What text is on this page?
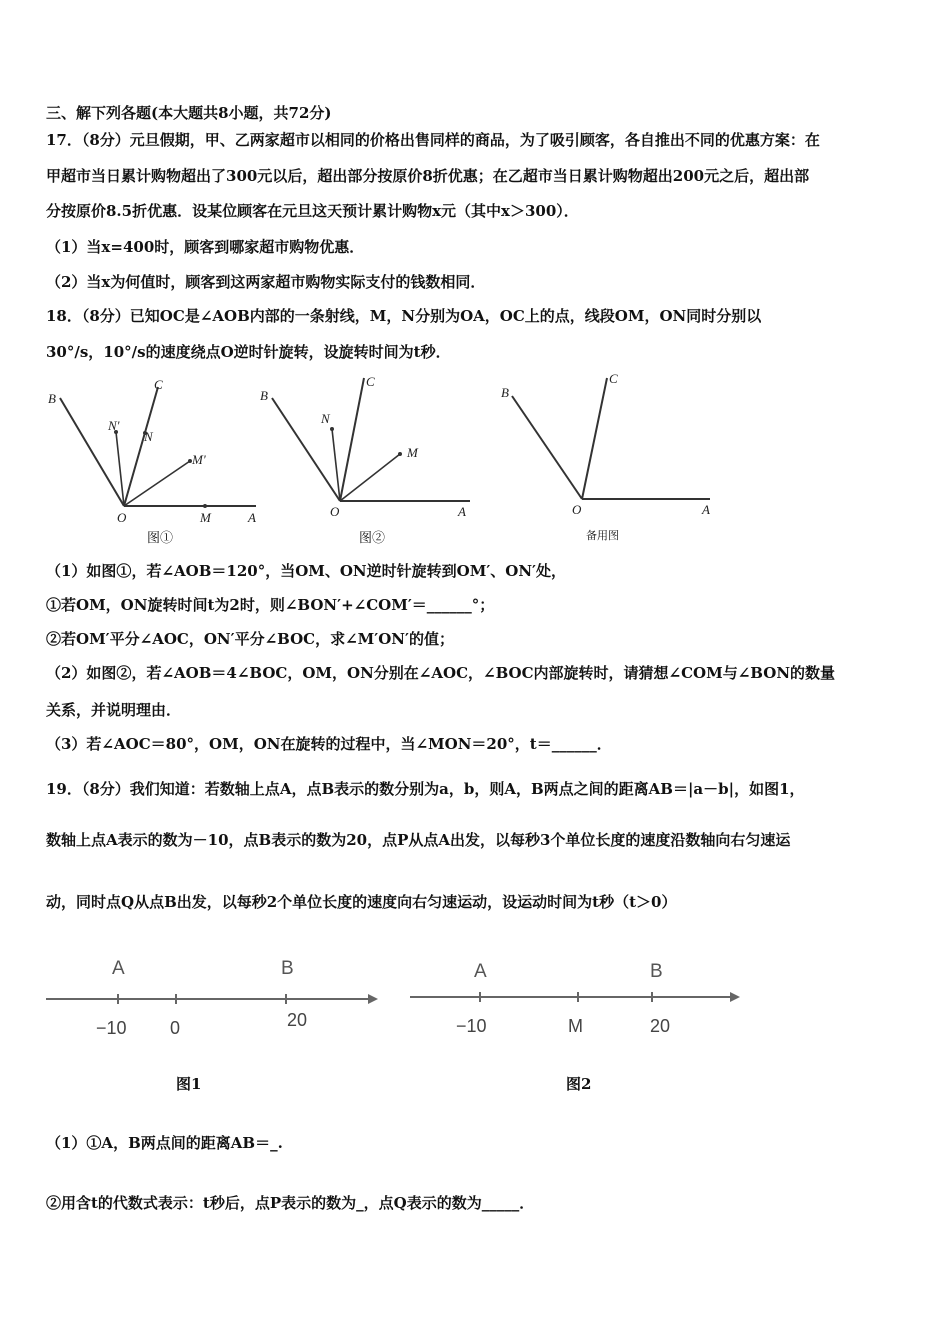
三、解下列各题(本大题共8小题，共72分)
17．（8分）元旦假期，甲、乙两家超市以相同的价格出售同样的商品，为了吸引顾客，各自推出不同的优惠方案：在
甲超市当日累计购物超出了300元以后，超出部分按原价8折优惠；在乙超市当日累计购物超出200元之后，超出部
分按原价8.5折优惠．设某位顾客在元旦这天预计累计购物x元（其中x＞300）．
（1）当x=400时，顾客到哪家超市购物优惠．
（2）当x为何值时，顾客到这两家超市购物实际支付的钱数相同．
18．（8分）已知OC是∠AOB内部的一条射线，M，N分别为OA，OC上的点，线段OM，ON同时分别以
30°/s，10°/s的速度绕点O逆时针旋转，设旋转时间为t秒．
B
C
N'
N
M'
O	M	A
图①
B
C
N
M
O	A
图②
B
C
O	A
备用图
（1）如图①，若∠AOB＝120°，当OM、ON逆时针旋转到OM′、ON′处，
①若OM，ON旋转时间t为2时，则∠BON′+∠COM′＝______°；
②若OM′平分∠AOC，ON′平分∠BOC，求∠M′ON′的值；
（2）如图②，若∠AOB＝4∠BOC，OM，ON分别在∠AOC，∠BOC内部旋转时，请猜想∠COM与∠BON的数量
关系，并说明理由．
（3）若∠AOC＝80°，OM，ON在旋转的过程中，当∠MON＝20°，t＝______．
19．（8分）我们知道：若数轴上点A，点B表示的数分别为a，b，则A，B两点之间的距离AB＝|a－b|，如图1，
数轴上点A表示的数为－10，点B表示的数为20，点P从点A出发，以每秒3个单位长度的速度沿数轴向右匀速运
动，同时点Q从点B出发，以每秒2个单位长度的速度向右匀速运动，设运动时间为t秒（t＞0）
A	B
−10 0	20
图1
A	B
−10	M	20
图2
（1）①A，B两点间的距离AB＝_.
②用含t的代数式表示：t秒后，点P表示的数为_，点Q表示的数为_____．
